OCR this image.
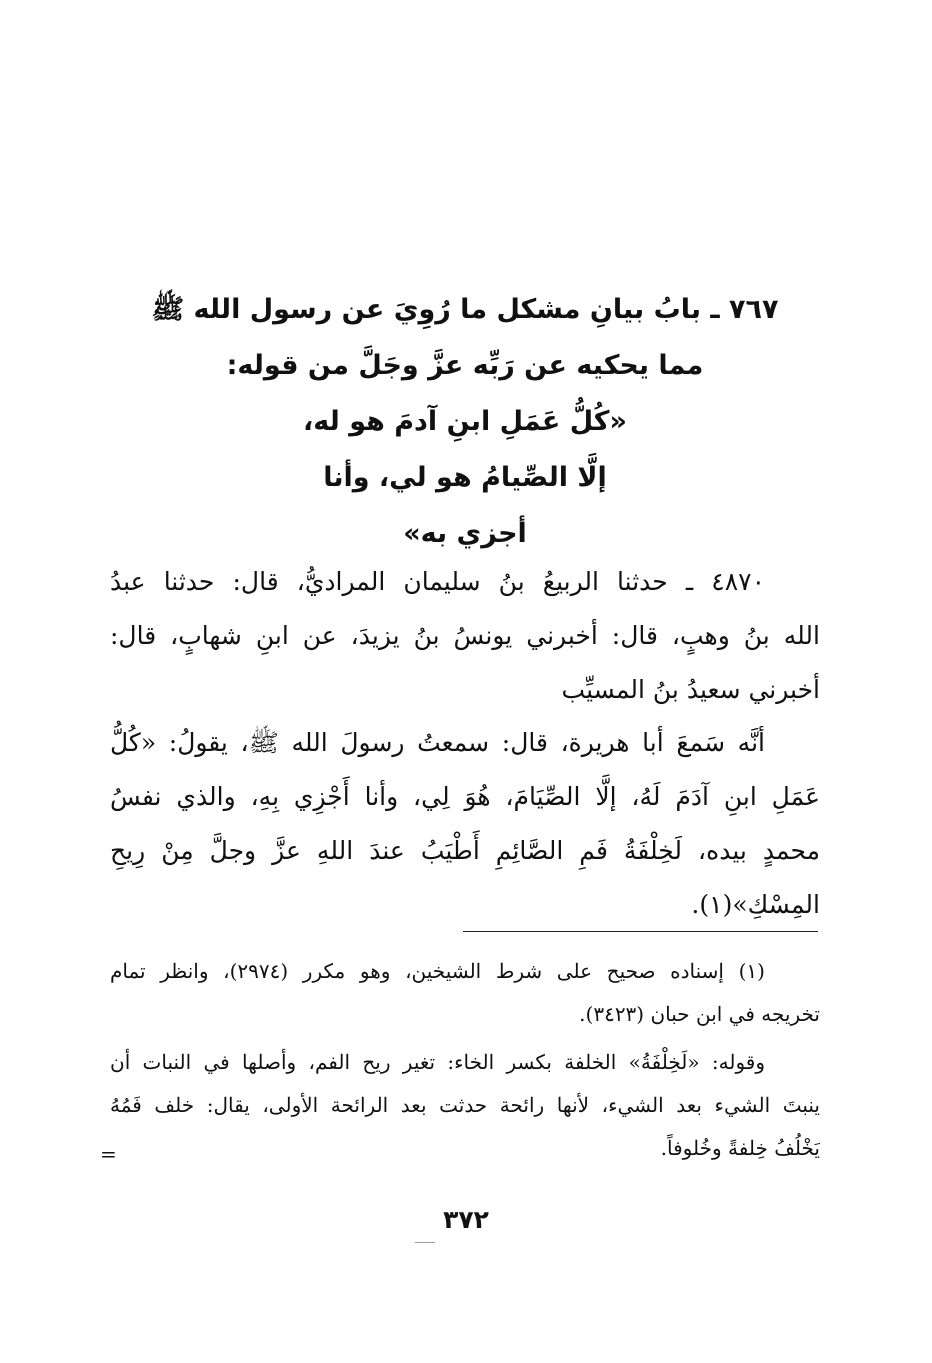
٧٦٧ ـ بابُ بيانِ مشكل ما رُوِيَ عن رسول الله ﷺ
مما يحكيه عن رَبِّه عزَّ وجَلَّ من قوله:
«كُلُّ عَمَلِ ابنِ آدمَ هو له،
إلَّا الصِّيامُ هو لي، وأنا
أجزي به»
٤٨٧٠ ـ حدثنا الربيعُ بنُ سليمان المراديُّ، قال: حدثنا عبدُ
الله بنُ وهبٍ، قال: أخبرني يونسُ بنُ يزيدَ، عن ابنِ شهابٍ، قال:
أخبرني سعيدُ بنُ المسيِّب
أنَّه سَمعَ أبا هريرة، قال: سمعتُ رسولَ الله ﷺ، يقولُ: «كُلُّ
عَمَلِ ابنِ آدَمَ لَهُ، إلَّا الصِّيَامَ، هُوَ لِي، وأنا أَجْزِي بِهِ، والذي نفسُ
محمدٍ بيده، لَخِلْفَةُ فَمِ الصَّائِمِ أَطْيَبُ عندَ اللهِ عزَّ وجلَّ مِنْ رِيحِ
المِسْكِ»(١).
(١) إسناده صحيح على شرط الشيخين، وهو مكرر (٢٩٧٤)، وانظر تمام
تخريجه في ابن حبان (٣٤٢٣).
وقوله: «لَخِلْفَةُ» الخلفة بكسر الخاء: تغير ريح الفم، وأصلها في النبات أن
ينبتَ الشيء بعد الشيء، لأنها رائحة حدثت بعد الرائحة الأولى، يقال: خلف فَمُهُ
يَخْلُفُ خِلفةً وخُلوفاً.
=
٣٧٢
